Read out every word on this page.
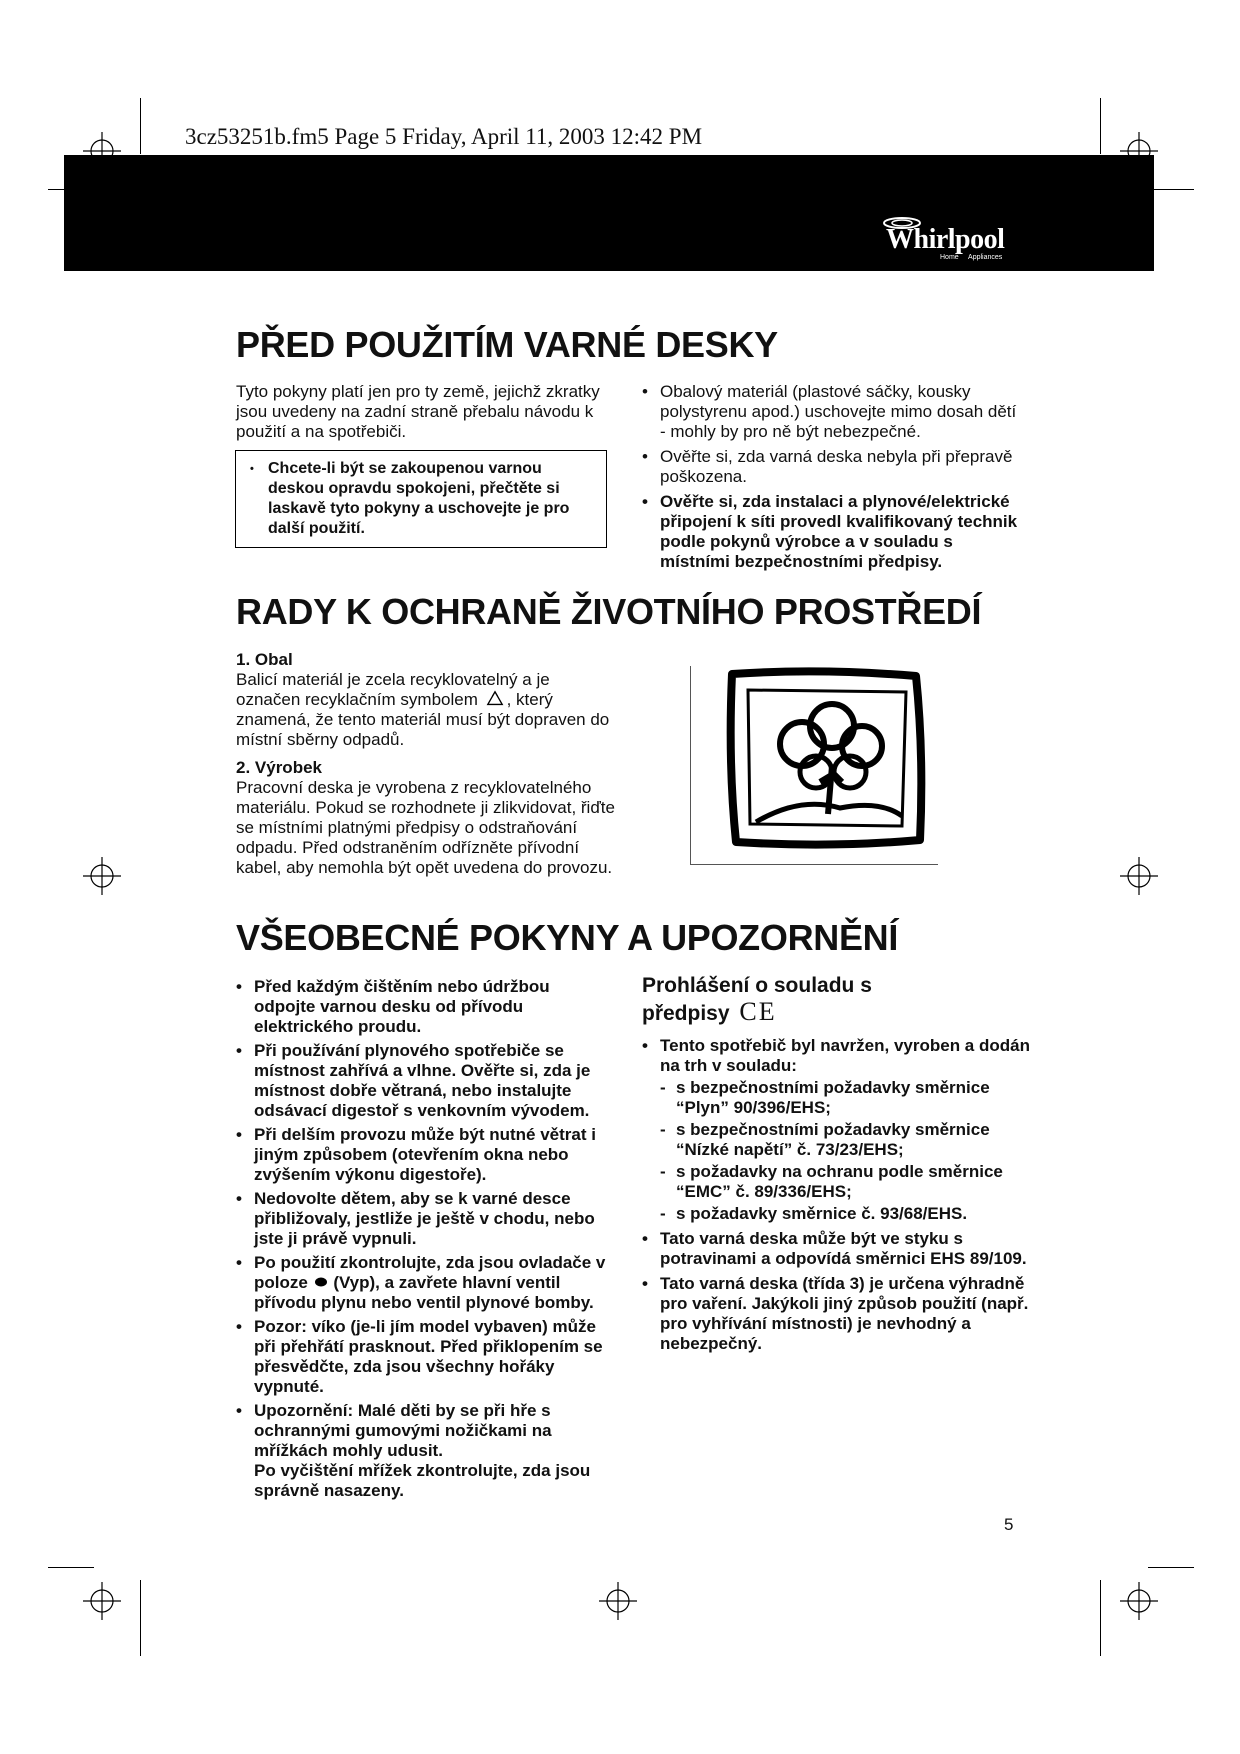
3cz53251b.fm5 Page 5 Friday, April 11, 2003 12:42 PM
Whirlpool
Home Appliances
PŘED POUŽITÍM VARNÉ DESKY

Tyto pokyny platí jen pro ty země, jejichž zkratky jsou uvedeny na zadní straně přebalu návodu k použití a na spotřebiči.

• Chcete-li být se zakoupenou varnou deskou opravdu spokojeni, přečtěte si laskavě tyto pokyny a uschovejte je pro další použití.
• Obalový materiál (plastové sáčky, kousky polystyrenu apod.) uschovejte mimo dosah dětí - mohly by pro ně být nebezpečné.
• Ověřte si, zda varná deska nebyla při přepravě poškozena.
• Ověřte si, zda instalaci a plynové/elektrické připojení k síti provedl kvalifikovaný technik podle pokynů výrobce a v souladu s místními bezpečnostními předpisy.
RADY K OCHRANĚ ŽIVOTNÍHO PROSTŘEDÍ
1. Obal

Balicí materiál je zcela recyklovatelný a je označen recyklačním symbolem , který znamená, že tento materiál musí být dopraven do místní sběrny odpadů.

2. Výrobek

Pracovní deska je vyrobena z recyklovatelného materiálu. Pokud se rozhodnete ji zlikvidovat, řiďte se místními platnými předpisy o odstraňování odpadu. Před odstraněním odřízněte přívodní kabel, aby nemohla být opět uvedena do provozu.

VŠEOBECNÉ POKYNY A UPOZORNĚNÍ
• Před každým čištěním nebo údržbou odpojte varnou desku od přívodu elektrického proudu.
• Při používání plynového spotřebiče se místnost zahřívá a vlhne. Ověřte si, zda je místnost dobře větraná, nebo instalujte odsávací digestoř s venkovním vývodem.
• Při delším provozu může být nutné větrat i jiným způsobem (otevřením okna nebo zvýšením výkonu digestoře).
• Nedovolte dětem, aby se k varné desce přibližovaly, jestliže je ještě v chodu, nebo jste ji právě vypnuli.
• Po použití zkontrolujte, zda jsou ovladače v poloze (Vyp), a zavřete hlavní ventil přívodu plynu nebo ventil plynové bomby.
• Pozor: víko (je-li jím model vybaven) může při přehřátí prasknout. Před přiklopením se přesvědčte, zda jsou všechny hořáky vypnuté.
• Upozornění: Malé děti by se při hře s ochrannými gumovými nožičkami na mřížkách mohly udusit.
Po vyčištění mřížek zkontrolujte, zda jsou správně nasazeny.
Prohlášení o souladu s předpisy CE
• Tento spotřebič byl navržen, vyroben a dodán na trh v souladu:
- s bezpečnostními požadavky směrnice “Plyn” 90/396/EHS;
- s bezpečnostními požadavky směrnice “Nízké napětí” č. 73/23/EHS;
- s požadavky na ochranu podle směrnice “EMC” č. 89/336/EHS;
- s požadavky směrnice č. 93/68/EHS.
• Tato varná deska může být ve styku s potravinami a odpovídá směrnici EHS 89/109.
• Tato varná deska (třída 3) je určena výhradně pro vaření. Jakýkoli jiný způsob použití (např. pro vyhřívání místnosti) je nevhodný a nebezpečný.
5
